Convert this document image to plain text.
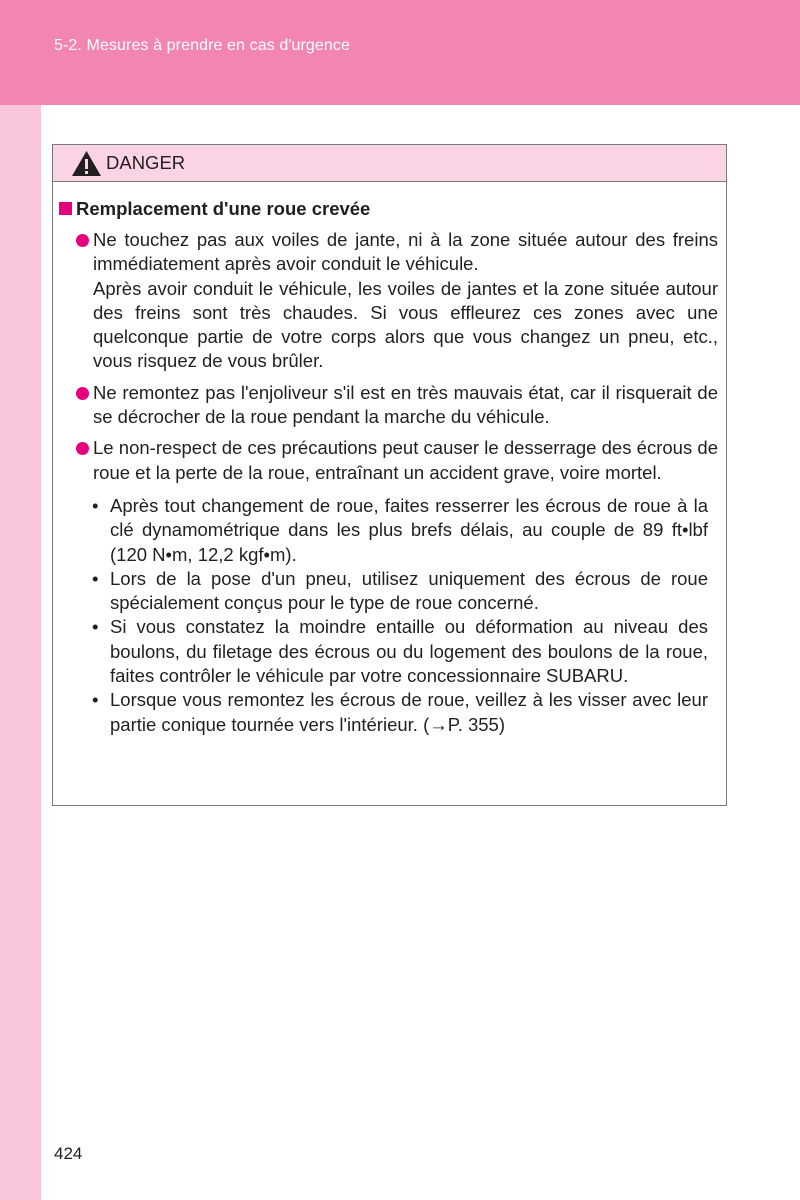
5-2. Mesures à prendre en cas d'urgence
DANGER
Remplacement d'une roue crevée

Ne touchez pas aux voiles de jante, ni à la zone située autour des freins immédiatement après avoir conduit le véhicule.

Après avoir conduit le véhicule, les voiles de jantes et la zone située autour des freins sont très chaudes. Si vous effleurez ces zones avec une quelconque partie de votre corps alors que vous changez un pneu, etc., vous risquez de vous brûler.

Ne remontez pas l'enjoliveur s'il est en très mauvais état, car il risquerait de se décrocher de la roue pendant la marche du véhicule.

Le non-respect de ces précautions peut causer le desserrage des écrous de roue et la perte de la roue, entraînant un accident grave, voire mortel.

• Après tout changement de roue, faites resserrer les écrous de roue à la clé dynamométrique dans les plus brefs délais, au couple de 89 ft•lbf (120 N•m, 12,2 kgf•m).
• Lors de la pose d'un pneu, utilisez uniquement des écrous de roue spécialement conçus pour le type de roue concerné.
• Si vous constatez la moindre entaille ou déformation au niveau des boulons, du filetage des écrous ou du logement des boulons de la roue, faites contrôler le véhicule par votre concessionnaire SUBARU.
• Lorsque vous remontez les écrous de roue, veillez à les visser avec leur partie conique tournée vers l'intérieur. (→P. 355)
424
